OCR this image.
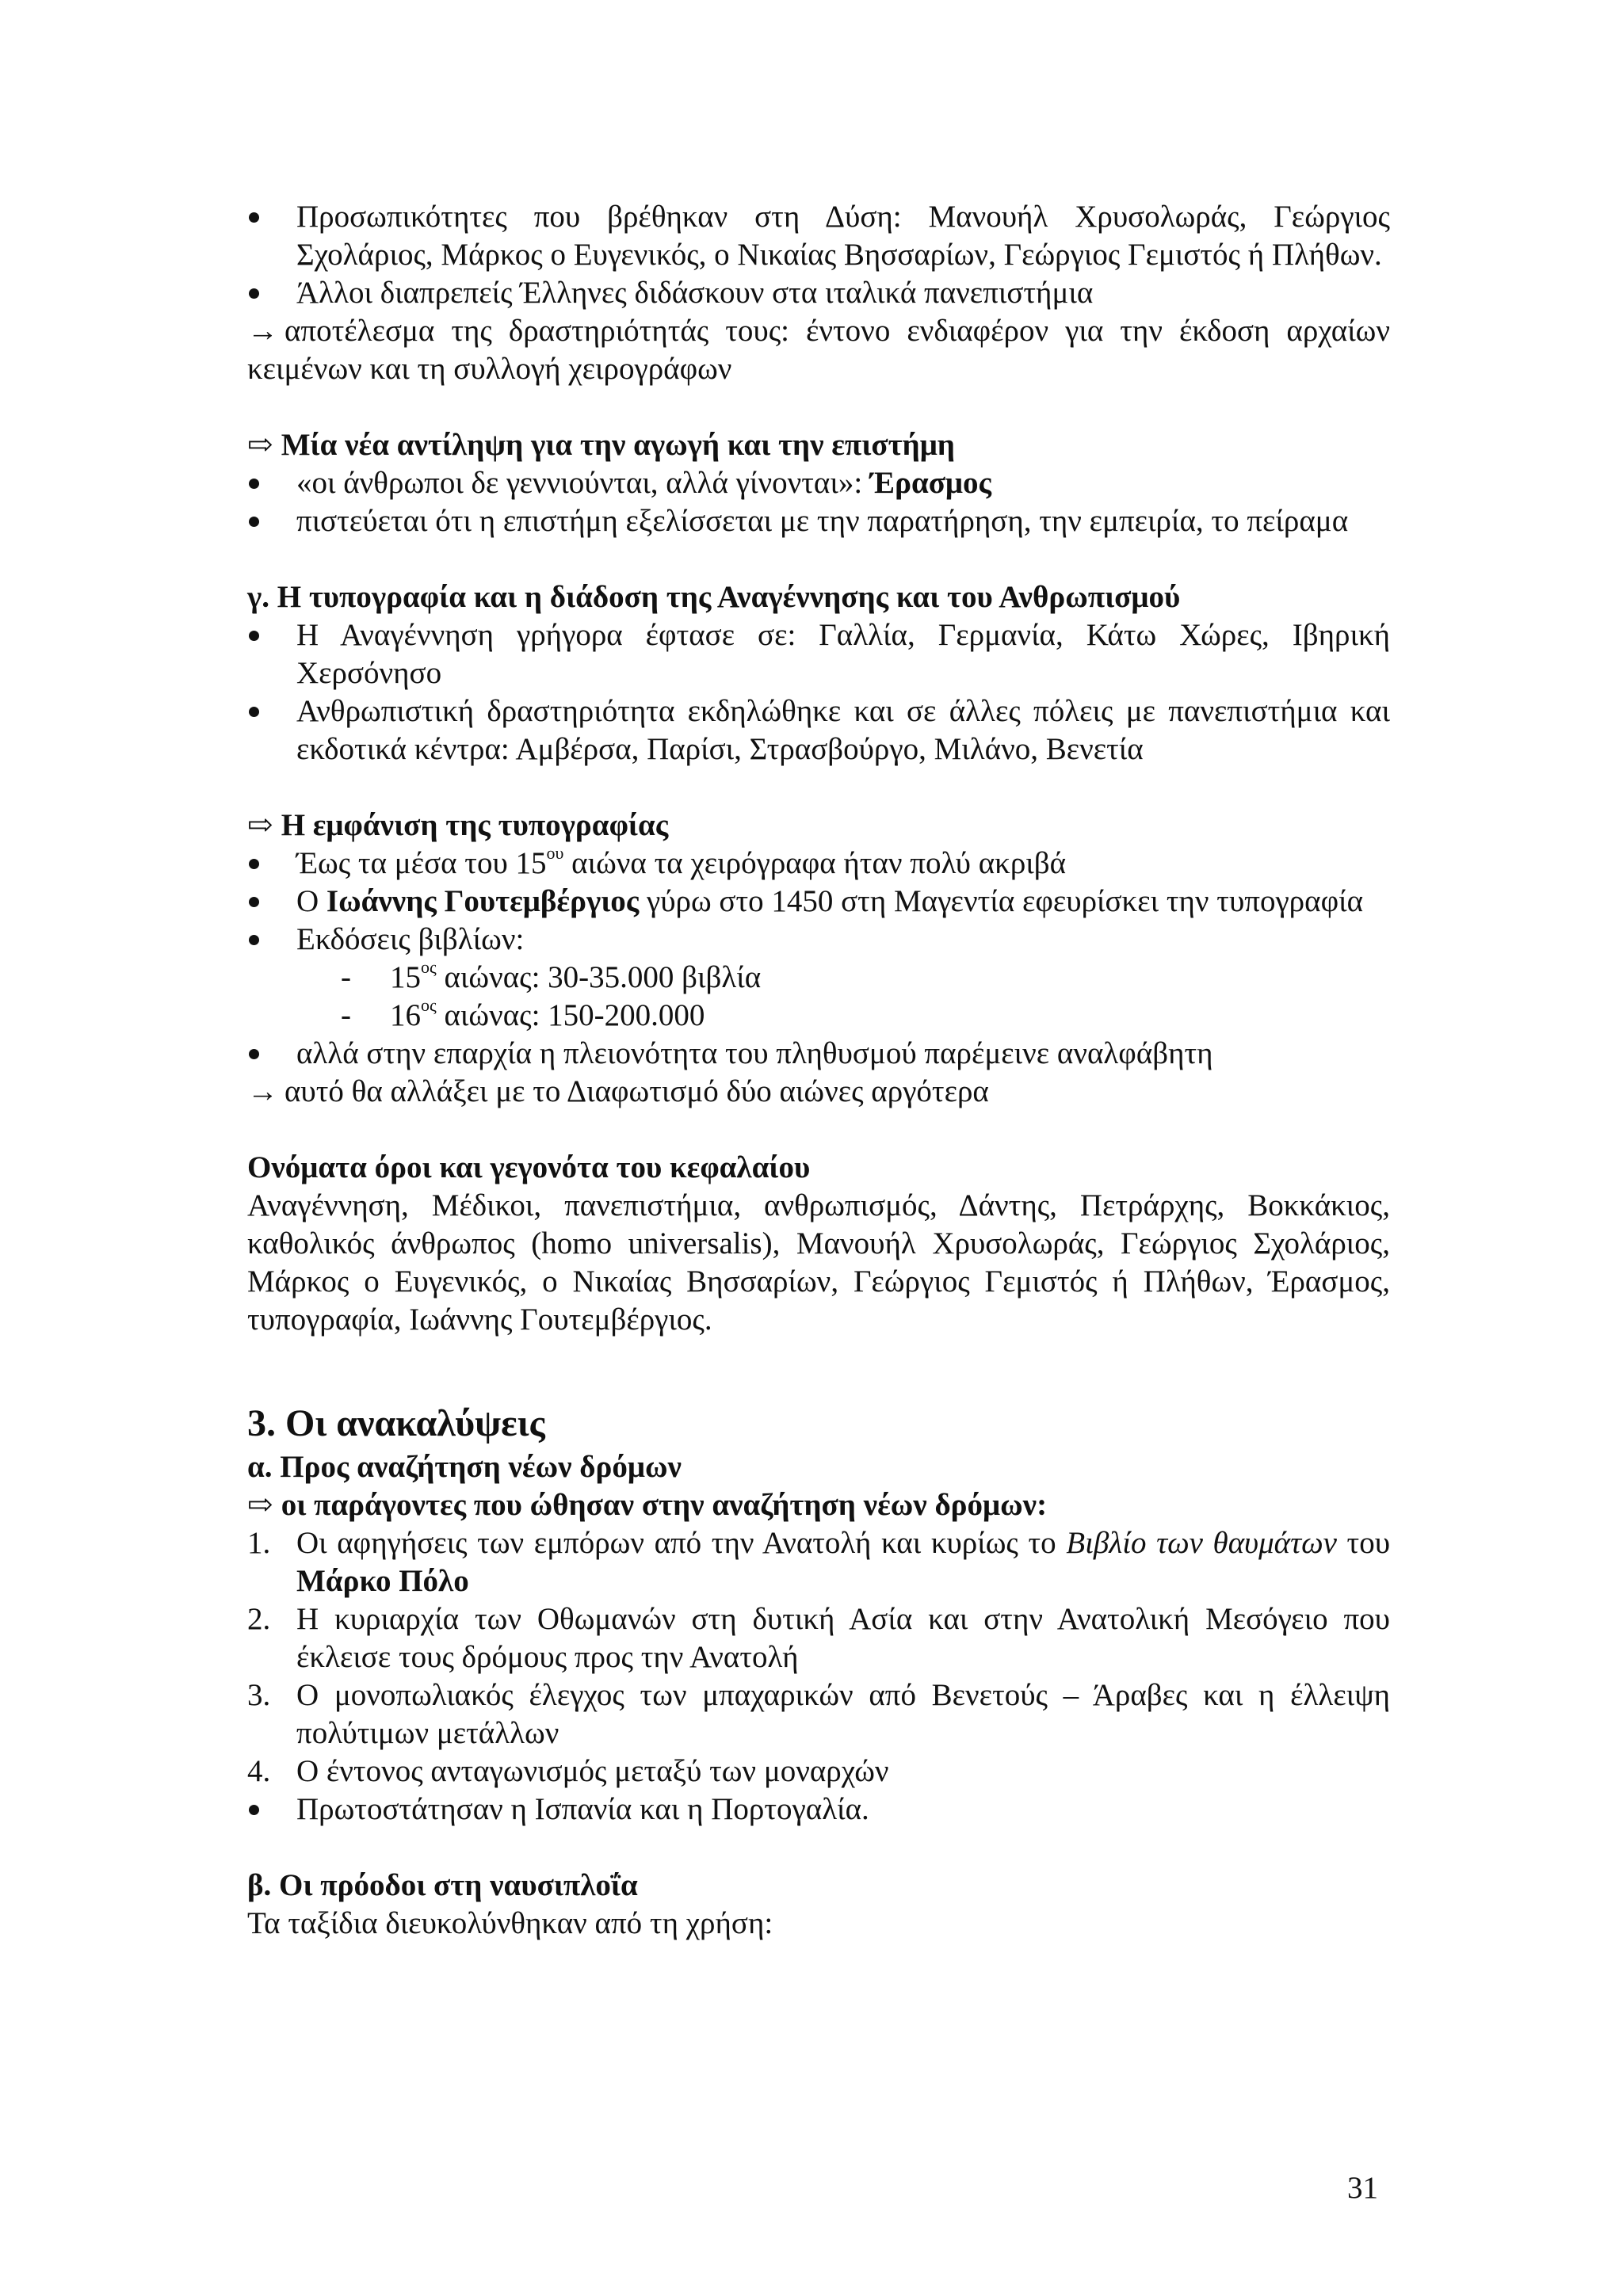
Προσωπικότητες που βρέθηκαν στη Δύση: Μανουήλ Χρυσολωράς, Γεώργιος Σχολάριος, Μάρκος ο Ευγενικός, ο Νικαίας Βησσαρίων, Γεώργιος Γεμιστός ή Πλήθων.
Άλλοι διαπρεπείς Έλληνες διδάσκουν στα ιταλικά πανεπιστήμια
→ αποτέλεσμα της δραστηριότητάς τους: έντονο ενδιαφέρον για την έκδοση αρχαίων κειμένων και τη συλλογή χειρογράφων
⇨ Μία νέα αντίληψη για την αγωγή και την επιστήμη
«οι άνθρωποι δε γεννιούνται, αλλά γίνονται»: Έρασμος
πιστεύεται ότι η επιστήμη εξελίσσεται με την παρατήρηση, την εμπειρία, το πείραμα
γ. Η τυπογραφία και η διάδοση της Αναγέννησης και του Ανθρωπισμού
Η Αναγέννηση γρήγορα έφτασε σε: Γαλλία, Γερμανία, Κάτω Χώρες, Ιβηρική Χερσόνησο
Ανθρωπιστική δραστηριότητα εκδηλώθηκε και σε άλλες πόλεις με πανεπιστήμια και εκδοτικά κέντρα: Αμβέρσα, Παρίσι, Στρασβούργο, Μιλάνο, Βενετία
⇨ Η εμφάνιση της τυπογραφίας
Έως τα μέσα του $15^{o\upsilon}$ αιώνα τα χειρόγραφα ήταν πολύ ακριβά
Ο Ιωάννης Γουτεμβέργιος γύρω στο 1450 στη Μαγεντία εφευρίσκει την τυπογραφία
Εκδόσεις βιβλίων:
-	$15^{o\varsigma}$ αιώνας: 30-35.000 βιβλία
-	$16^{o\varsigma}$ αιώνας: 150-200.000
αλλά στην επαρχία η πλειονότητα του πληθυσμού παρέμεινε αναλφάβητη
→ αυτό θα αλλάξει με το Διαφωτισμό δύο αιώνες αργότερα
Ονόματα όροι και γεγονότα του κεφαλαίου
Αναγέννηση, Μέδικοι, πανεπιστήμια, ανθρωπισμός, Δάντης, Πετράρχης, Βοκκάκιος, καθολικός άνθρωπος (homo universalis), Μανουήλ Χρυσολωράς, Γεώργιος Σχολάριος, Μάρκος ο Ευγενικός, ο Νικαίας Βησσαρίων, Γεώργιος Γεμιστός ή Πλήθων, Έρασμος, τυπογραφία, Ιωάννης Γουτεμβέργιος.
3. Οι ανακαλύψεις
α. Προς αναζήτηση νέων δρόμων
⇨ οι παράγοντες που ώθησαν στην αναζήτηση νέων δρόμων:
1. Οι αφηγήσεις των εμπόρων από την Ανατολή και κυρίως το Βιβλίο των θαυμάτων του Μάρκο Πόλο
2. Η κυριαρχία των Οθωμανών στη δυτική Ασία και στην Ανατολική Μεσόγειο που έκλεισε τους δρόμους προς την Ανατολή
3. Ο μονοπωλιακός έλεγχος των μπαχαρικών από Βενετούς – Άραβες και η έλλειψη πολύτιμων μετάλλων
4. Ο έντονος ανταγωνισμός μεταξύ των μοναρχών
Πρωτοστάτησαν η Ισπανία και η Πορτογαλία.
β. Οι πρόοδοι στη ναυσιπλοΐα
Τα ταξίδια διευκολύνθηκαν από τη χρήση:
31
